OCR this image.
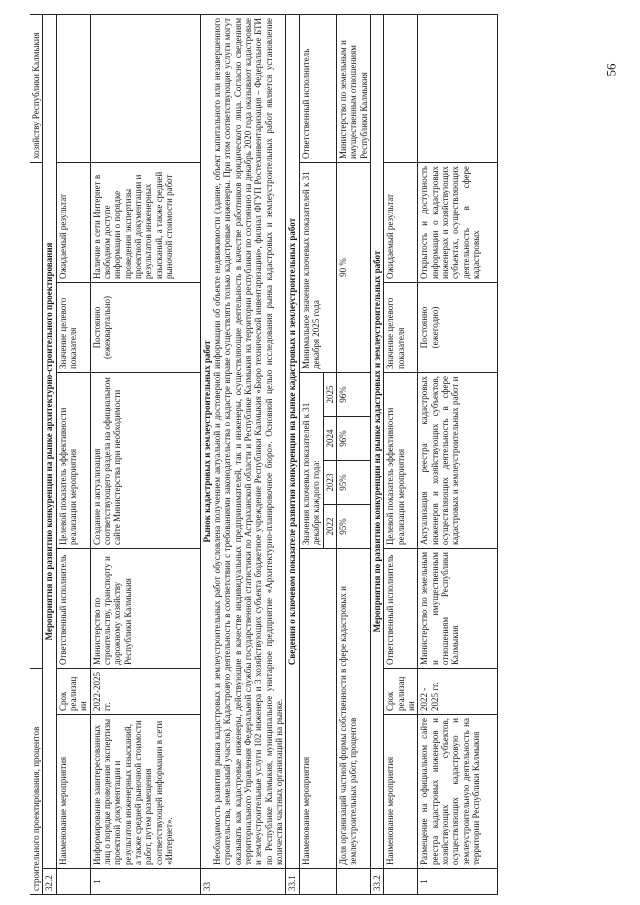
56
строительного проектирования, процентов										хозяйству Республики Калмыкия
32.2	Мероприятия по развитию конкуренции на рынке архитектурно-строительного проектирования									
	Наименование мероприятия	Срок реализации	Ответственный исполнитель	Целевой показатель эффективности реализации мероприятия				Значение целевого показателя	Ожидаемый результат	
1	Информирование заинтересованных лиц о порядке проведения экспертизы проектной документации и результатов инженерных изысканий, а также средней рыночной стоимости работ, путем размещения соответствующей информации в сети «Интернет».	2022-2025 гг.	Министерство по строительству, транспорту и дорожному хозяйству Республики Калмыкия	Создание и актуализация соответствующего раздела на официальном сайте Министерства при необходимости				Постоянно (ежеквартально)	Наличие в сети Интернет в свободном доступе информации о порядке проведения экспертизы проектной документации и результатов инженерных изысканий, а также средней рыночной стоимости работ	
33	Рынок кадастровых и землеустроительных работ Необходимость развития рынка кадастровых и землеустроительных работ обусловлена получением актуальной и достоверной информации об объекте недвижимости (здание, объект капитального или незавершенного строительства, земельный участок). Кадастровую деятельность в соответствии с требованиями законодательства о кадастре вправе осуществлять только кадастровые инженеры. При этом соответствующие услуги могут оказывать как кадастровые инженеры, действующие в качестве индивидуальных предпринимателей, так и инженеры, осуществляющие деятельность в качестве работников юридического лица. Согласно сведениям территориального Управления Федеральной службы государственной статистики по Астраханской области и Республике Калмыкия на территории республики по состоянию на декабрь 2020 года оказывают кадастровые и землеустроительные услуги 102 инженера и 3 хозяйствующих субъекта бюджетное учреждение Республики Калмыкия «Бюро технической инвентаризации», филиал ФГУП Ростехинвентаризация – Федеральное БТИ по Республике Калмыкия, муниципальное унитарное предприятие «Архитектурно-планировочное бюро». Основной целью исследования рынка кадастровых и землеустроительных работ является установление количества частных организаций на рынке.									

33.1	Сведения о ключевом показателе развития конкуренции на рынке кадастровых и землеустроительных работ									
	Наименование мероприятия			Значения ключевых показателей к 31 декабря каждого года:				Минимальное значение ключевых показателей к 31 декабря 2025 года		Ответственный исполнитель
				2022	2023	2024	2025			
	Доля организаций частной формы собственности в сфере кадастровых и землеустроительных работ, процентов			95%	95%	96%	96%	90 %		Министерство по земельным и имущественным отношениям Республики Калмыкия
33.2	Мероприятия по развитию конкуренции на рынке кадастровых и землеустроительных работ									
	Наименование мероприятия	Срок реализации	Ответственный исполнитель	Целевой показатель эффективности реализации мероприятия				Значение целевого показателя	Ожидаемый результат	
1	Размещение на официальном сайте реестра кадастровых инженеров и хозяйствующих субъектов, осуществляющих кадастровую и землеустроительную деятельность на территории Республики Калмыкия	2022 - 2025 гг.	Министерство по земельным и имущественным отношениям Республики Калмыкия	Актуализация реестра кадастровых инженеров и хозяйствующих субъектов, осуществляющих деятельность в сфере кадастровых и землеустроительных работ и				Постоянно (ежегодно)	Открытость и доступность информации о кадастровых инженерах и хозяйствующих субъектах, осуществляющих деятельность в сфере кадастровых	
